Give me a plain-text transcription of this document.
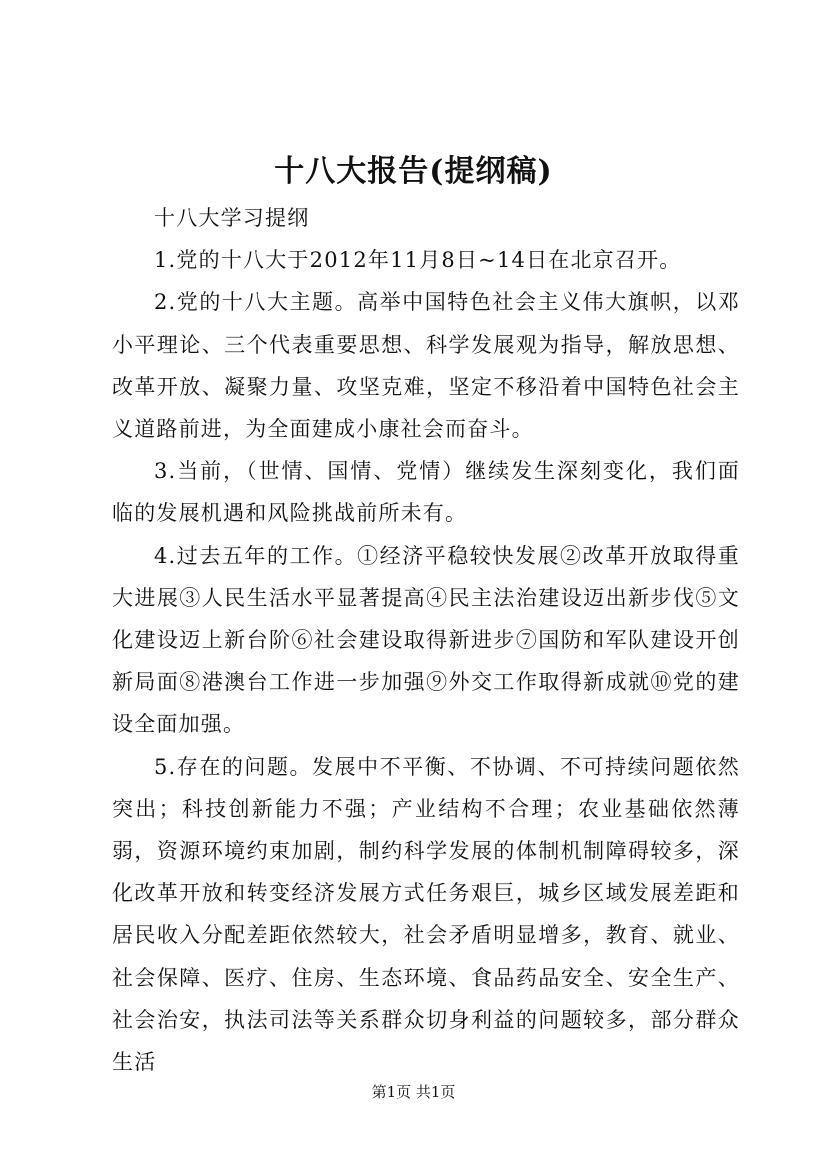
十八大报告(提纲稿)

十八大学习提纲

1.党的十八大于2012年11月8日~14日在北京召开。

2.党的十八大主题。高举中国特色社会主义伟大旗帜，以邓小平理论、三个代表重要思想、科学发展观为指导，解放思想、改革开放、凝聚力量、攻坚克难，坚定不移沿着中国特色社会主义道路前进，为全面建成小康社会而奋斗。

3.当前，（世情、国情、党情）继续发生深刻变化，我们面临的发展机遇和风险挑战前所未有。

4.过去五年的工作。①经济平稳较快发展②改革开放取得重大进展③人民生活水平显著提高④民主法治建设迈出新步伐⑤文化建设迈上新台阶⑥社会建设取得新进步⑦国防和军队建设开创新局面⑧港澳台工作进一步加强⑨外交工作取得新成就⑩党的建设全面加强。

5.存在的问题。发展中不平衡、不协调、不可持续问题依然突出；科技创新能力不强；产业结构不合理；农业基础依然薄弱，资源环境约束加剧，制约科学发展的体制机制障碍较多，深化改革开放和转变经济发展方式任务艰巨，城乡区域发展差距和居民收入分配差距依然较大，社会矛盾明显增多，教育、就业、社会保障、医疗、住房、生态环境、食品药品安全、安全生产、社会治安，执法司法等关系群众切身利益的问题较多，部分群众生活

第1页 共1页
